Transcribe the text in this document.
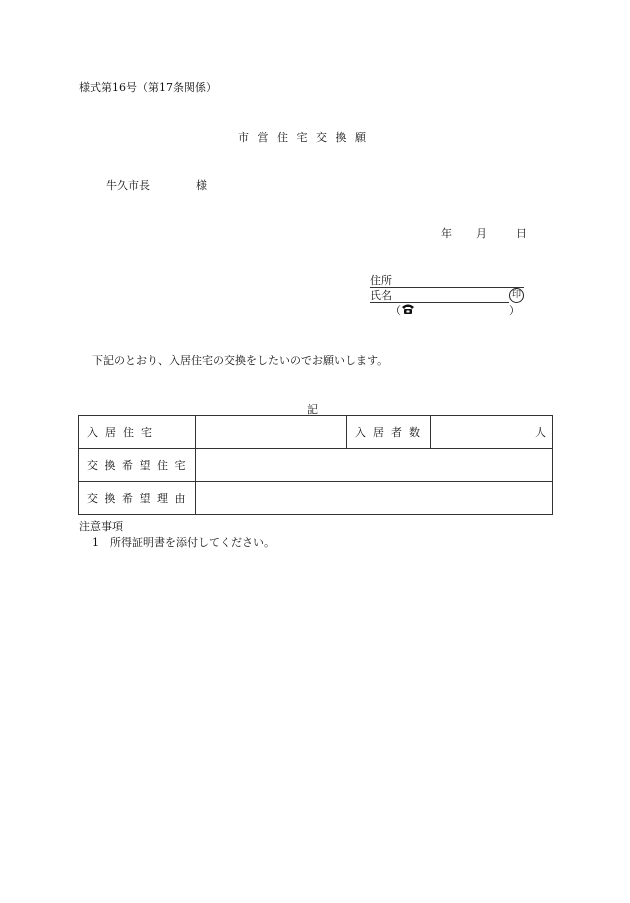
様式第16号（第17条関係）
市営住宅交換願
牛久市長	様
年 月	日
住所
氏名	印
（	）
下記のとおり、入居住宅の交換をしたいのでお願いします。
記
入居住宅		入居者数	人
交換希望住宅			
交換希望理由			
注意事項
1 所得証明書を添付してください。
